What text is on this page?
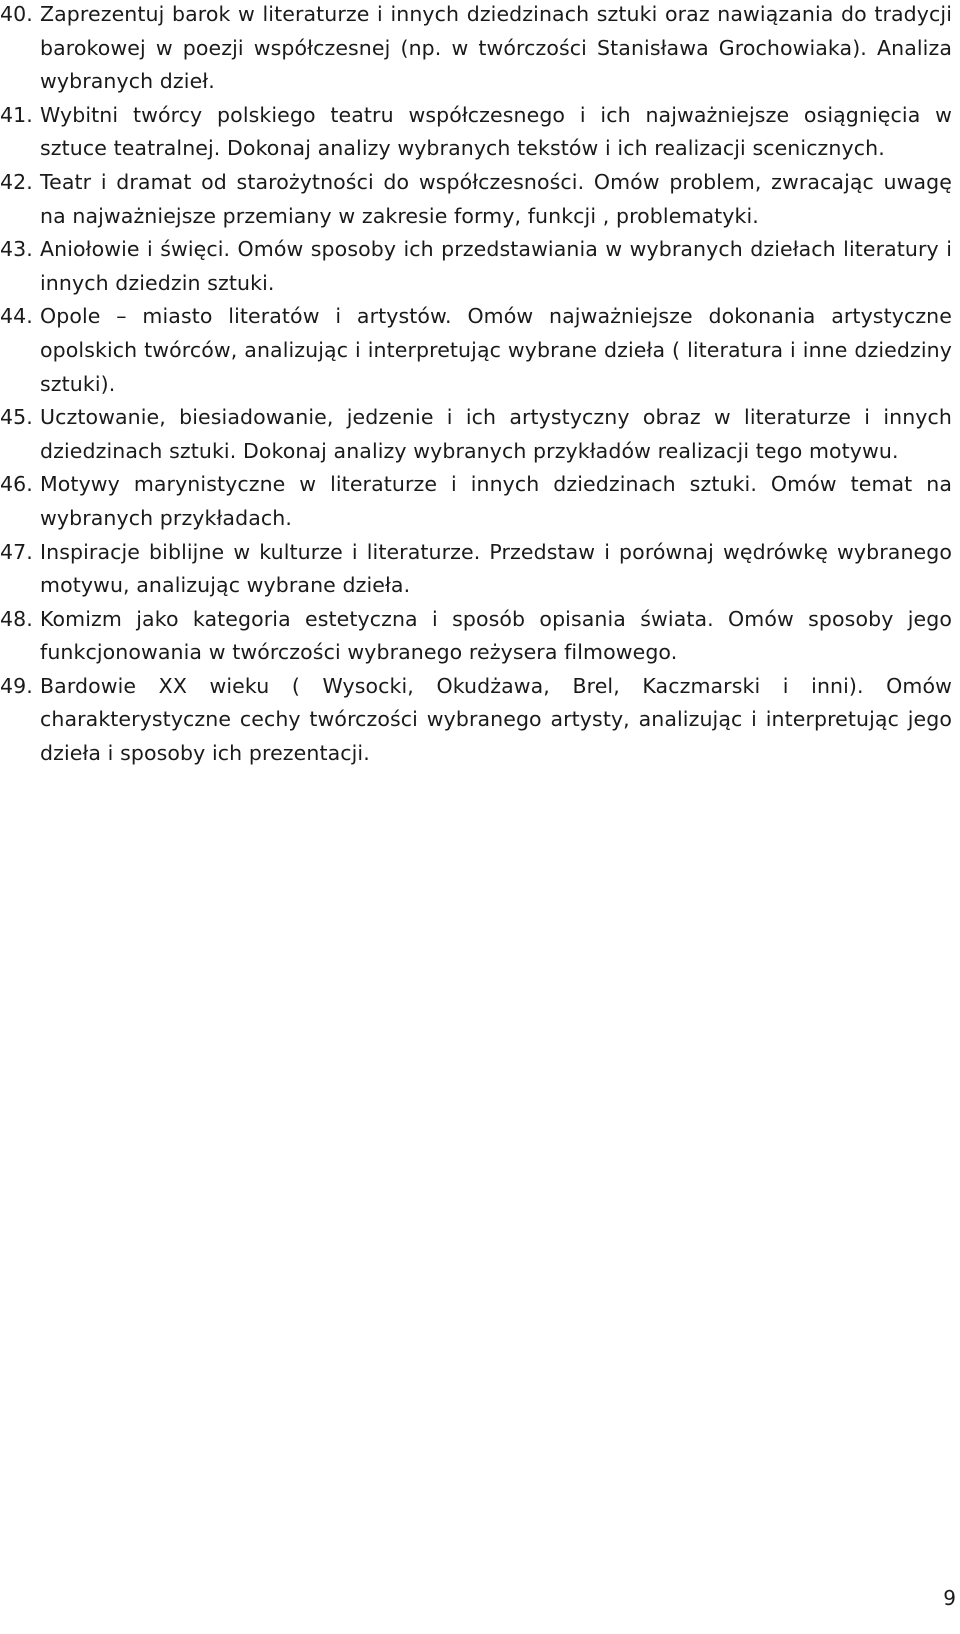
40. Zaprezentuj barok w literaturze i innych dziedzinach sztuki oraz nawiązania do tradycji barokowej w poezji współczesnej (np. w twórczości Stanisława Grochowiaka). Analiza wybranych dzieł.
41. Wybitni twórcy polskiego teatru współczesnego i ich najważniejsze osiągnięcia w sztuce teatralnej. Dokonaj analizy wybranych tekstów i ich realizacji scenicznych.
42. Teatr i dramat od starożytności do współczesności. Omów problem, zwracając uwagę na najważniejsze przemiany w zakresie formy, funkcji , problematyki.
43. Aniołowie i święci. Omów sposoby ich przedstawiania w wybranych dziełach literatury i innych dziedzin sztuki.
44. Opole – miasto literatów i artystów. Omów najważniejsze dokonania artystyczne opolskich twórców, analizując i interpretując wybrane dzieła ( literatura i inne dziedziny sztuki).
45. Ucztowanie, biesiadowanie, jedzenie i ich artystyczny obraz w literaturze i innych dziedzinach sztuki. Dokonaj analizy wybranych przykładów realizacji tego motywu.
46. Motywy marynistyczne w literaturze i innych dziedzinach sztuki. Omów temat na wybranych przykładach.
47. Inspiracje biblijne w kulturze i literaturze. Przedstaw i porównaj wędrówkę wybranego motywu, analizując wybrane dzieła.
48. Komizm jako kategoria estetyczna i sposób opisania świata. Omów sposoby jego funkcjonowania w twórczości wybranego reżysera filmowego.
49. Bardowie XX wieku ( Wysocki, Okudżawa, Brel, Kaczmarski i inni). Omów charakterystyczne cechy twórczości wybranego artysty, analizując i interpretując jego dzieła i sposoby ich prezentacji.
9
